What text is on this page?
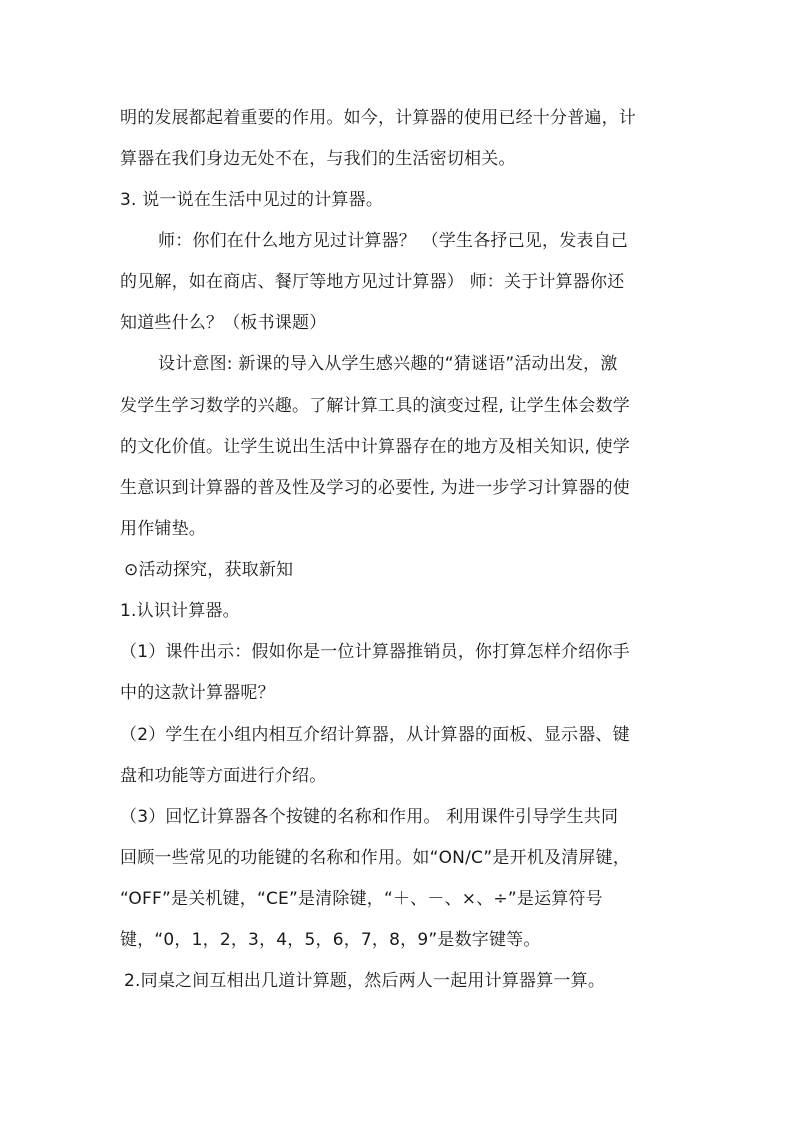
明的发展都起着重要的作用。如今，计算器的使用已经十分普遍，计
算器在我们身边无处不在，与我们的生活密切相关。
3. 说一说在生活中见过的计算器。
师：你们在什么地方见过计算器？ （学生各抒己见，发表自己
的见解，如在商店、餐厅等地方见过计算器） 师：关于计算器你还
知道些什么？（板书课题）
设计意图: 新课的导入从学生感兴趣的“猜谜语”活动出发，激
发学生学习数学的兴趣。了解计算工具的演变过程, 让学生体会数学
的文化价值。让学生说出生活中计算器存在的地方及相关知识, 使学
生意识到计算器的普及性及学习的必要性, 为进一步学习计算器的使
用作铺垫。
⊙活动探究，获取新知
1.认识计算器。
（1）课件出示：假如你是一位计算器推销员，你打算怎样介绍你手
中的这款计算器呢？
（2）学生在小组内相互介绍计算器，从计算器的面板、显示器、键
盘和功能等方面进行介绍。
（3）回忆计算器各个按键的名称和作用。 利用课件引导学生共同
回顾一些常见的功能键的名称和作用。如“ON/C”是开机及清屏键，
“OFF”是关机键，“CE”是清除键，“＋、－、×、÷”是运算符号
键，“0，1，2，3，4，5，6，7，8，9”是数字键等。
2.同桌之间互相出几道计算题，然后两人一起用计算器算一算。
